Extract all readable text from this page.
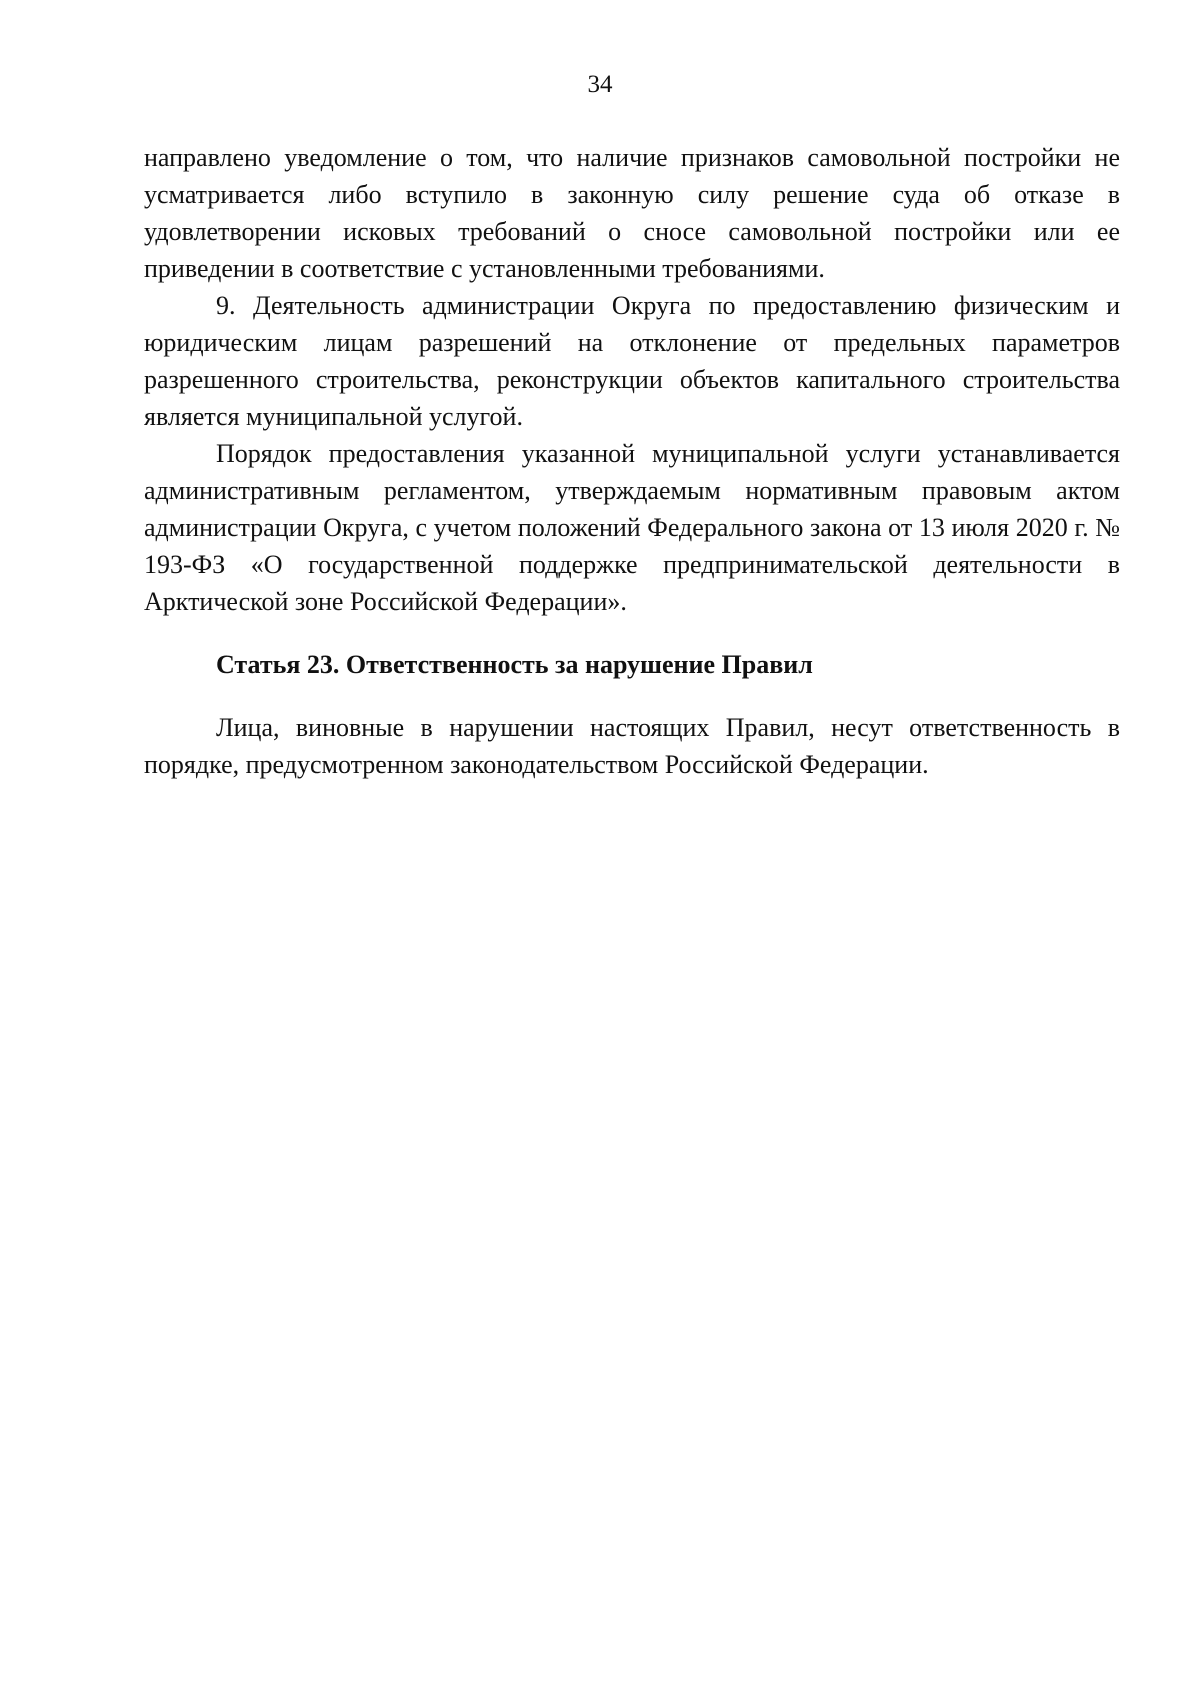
34

направлено уведомление о том, что наличие признаков самовольной постройки не усматривается либо вступило в законную силу решение суда об отказе в удовлетворении исковых требований о сносе самовольной постройки или ее приведении в соответствие с установленными требованиями.

9. Деятельность администрации Округа по предоставлению физическим и юридическим лицам разрешений на отклонение от предельных параметров разрешенного строительства, реконструкции объектов капитального строительства является муниципальной услугой.

Порядок предоставления указанной муниципальной услуги устанавливается административным регламентом, утверждаемым нормативным правовым актом администрации Округа, с учетом положений Федерального закона от 13 июля 2020 г. № 193-ФЗ «О государственной поддержке предпринимательской деятельности в Арктической зоне Российской Федерации».

Статья 23. Ответственность за нарушение Правил

Лица, виновные в нарушении настоящих Правил, несут ответственность в порядке, предусмотренном законодательством Российской Федерации.
